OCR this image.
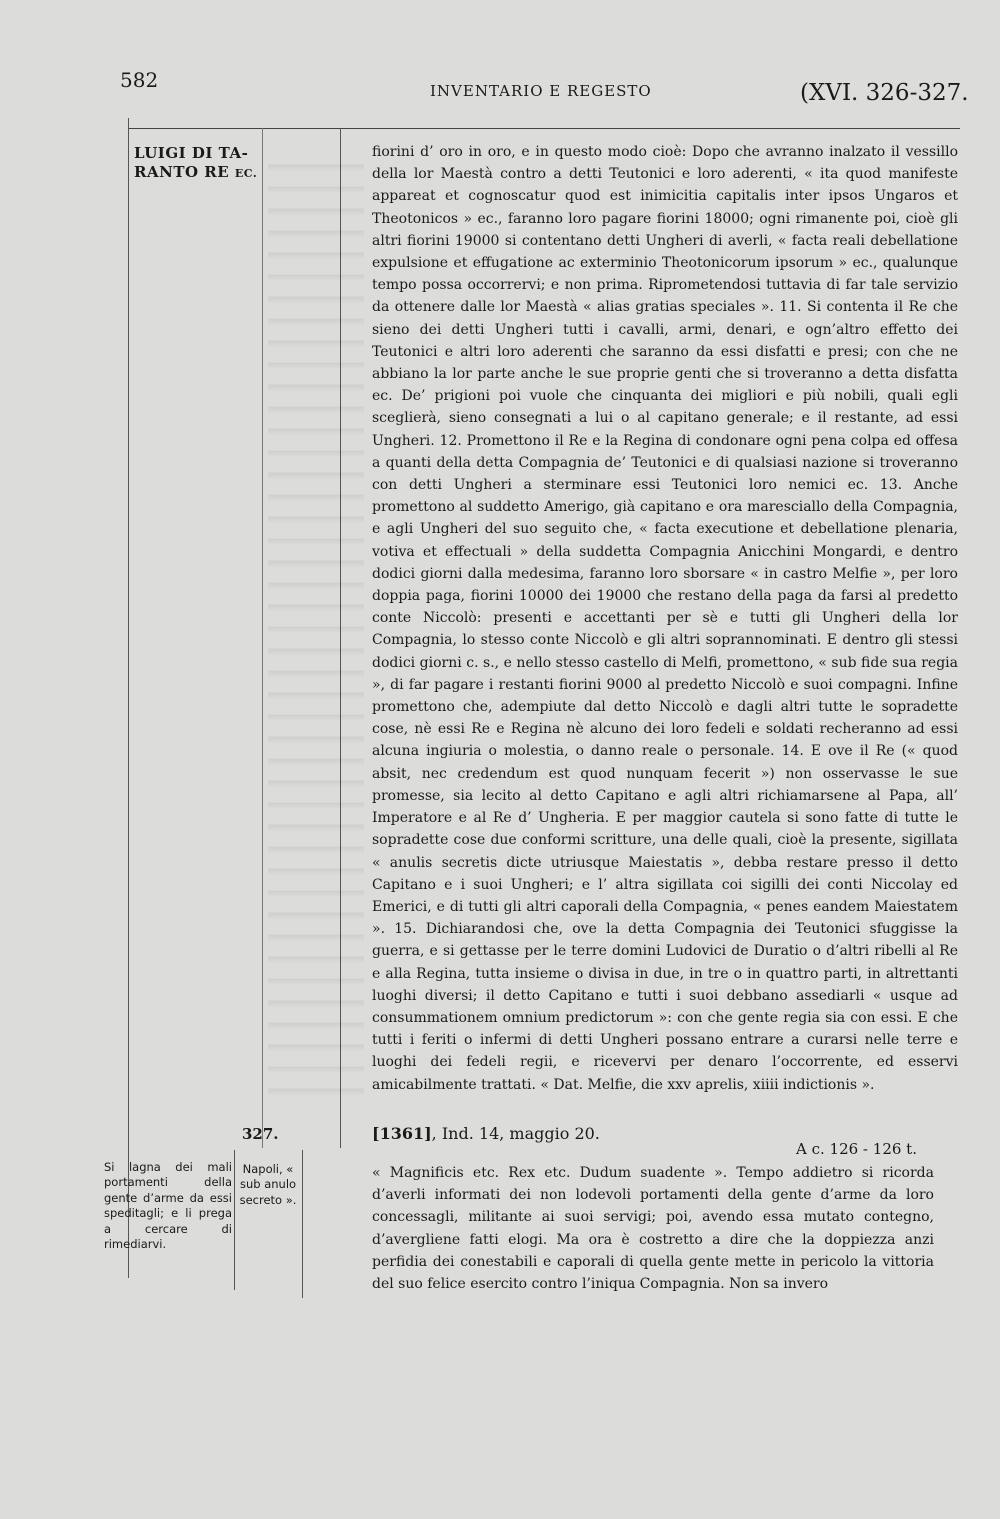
582	INVENTARIO E REGESTO	(XVI. 326-327.
LUIGI DI TA-
RANTO RE EC.

fiorini d’ oro in oro, e in questo modo cioè: Dopo che avranno inalzato il vessillo della lor Maestà contro a detti Teutonici e loro aderenti, « ita quod manifeste appareat et cognoscatur quod est inimicitia capitalis inter ipsos Ungaros et Theotonicos » ec., faranno loro pagare fiorini 18000; ogni rimanente poi, cioè gli altri fiorini 19000 si contentano detti Ungheri di averli, « facta reali debellatione expulsione et effugatione ac exterminio Theotonicorum ipsorum » ec., qualunque tempo possa occorrervi; e non prima. Riprometendosi tuttavia di far tale servizio da ottenere dalle lor Maestà « alias gratias speciales ». 11. Si contenta il Re che sieno dei detti Ungheri tutti i cavalli, armi, denari, e ogn’altro effetto dei Teutonici e altri loro aderenti che saranno da essi disfatti e presi; con che ne abbiano la lor parte anche le sue proprie genti che si troveranno a detta disfatta ec. De’ prigioni poi vuole che cinquanta dei migliori e più nobili, quali egli sceglierà, sieno consegnati a lui o al capitano generale; e il restante, ad essi Ungheri. 12. Promettono il Re e la Regina di condonare ogni pena colpa ed offesa a quanti della detta Compagnia de’ Teutonici e di qualsiasi nazione si troveranno con detti Ungheri a sterminare essi Teutonici loro nemici ec. 13. Anche promettono al suddetto Amerigo, già capitano e ora maresciallo della Compagnia, e agli Ungheri del suo seguito che, « facta executione et debellatione plenaria, votiva et effectuali » della suddetta Compagnia Anicchini Mongardi, e dentro dodici giorni dalla medesima, faranno loro sborsare « in castro Melfie », per loro doppia paga, fiorini 10000 dei 19000 che restano della paga da farsi al predetto conte Niccolò: presenti e accettanti per sè e tutti gli Ungheri della lor Compagnia, lo stesso conte Niccolò e gli altri soprannominati. E dentro gli stessi dodici giorni c. s., e nello stesso castello di Melfi, promettono, « sub fide sua regia », di far pagare i restanti fiorini 9000 al predetto Niccolò e suoi compagni. Infine promettono che, adempiute dal detto Niccolò e dagli altri tutte le sopradette cose, nè essi Re e Regina nè alcuno dei loro fedeli e soldati recheranno ad essi alcuna ingiuria o molestia, o danno reale o personale. 14. E ove il Re (« quod absit, nec credendum est quod nunquam fecerit ») non osservasse le sue promesse, sia lecito al detto Capitano e agli altri richiamarsene al Papa, all’ Imperatore e al Re d’ Ungheria. E per maggior cautela si sono fatte di tutte le sopradette cose due conformi scritture, una delle quali, cioè la presente, sigillata « anulis secretis dicte utriusque Maiestatis », debba restare presso il detto Capitano e i suoi Ungheri; e l’ altra sigillata coi sigilli dei conti Niccolay ed Emerici, e di tutti gli altri caporali della Compagnia, « penes eandem Maiestatem ». 15. Dichiarandosi che, ove la detta Compagnia dei Teutonici sfuggisse la guerra, e si gettasse per le terre domini Ludovici de Duratio o d’altri ribelli al Re e alla Regina, tutta insieme o divisa in due, in tre o in quattro parti, in altrettanti luoghi diversi; il detto Capitano e tutti i suoi debbano assediarli « usque ad consummationem omnium predictorum »: con che gente regia sia con essi. E che tutti i feriti o infermi di detti Ungheri possano entrare a curarsi nelle terre e luoghi dei fedeli regii, e ricevervi per denaro l’occorrente, ed esservi amicabilmente trattati. « Dat. Melfie, die xxv aprelis, xiiii indictionis ».

327.	[1361], Ind. 14, maggio 20.
A c. 126 - 126 t.
Si lagna dei mali portamenti della gente d’arme da essi speditagli; e li prega a cercare di rimediarvi.
Napoli, « sub anulo secreto ».

« Magnificis etc. Rex etc. Dudum suadente ». Tempo addietro si ricorda d’averli informati dei non lodevoli portamenti della gente d’arme da loro concessagli, militante ai suoi servigi; poi, avendo essa mutato contegno, d’avergliene fatti elogi. Ma ora è costretto a dire che la doppiezza anzi perfidia dei conestabili e caporali di quella gente mette in pericolo la vittoria del suo felice esercito contro l’iniqua Compagnia. Non sa invero
